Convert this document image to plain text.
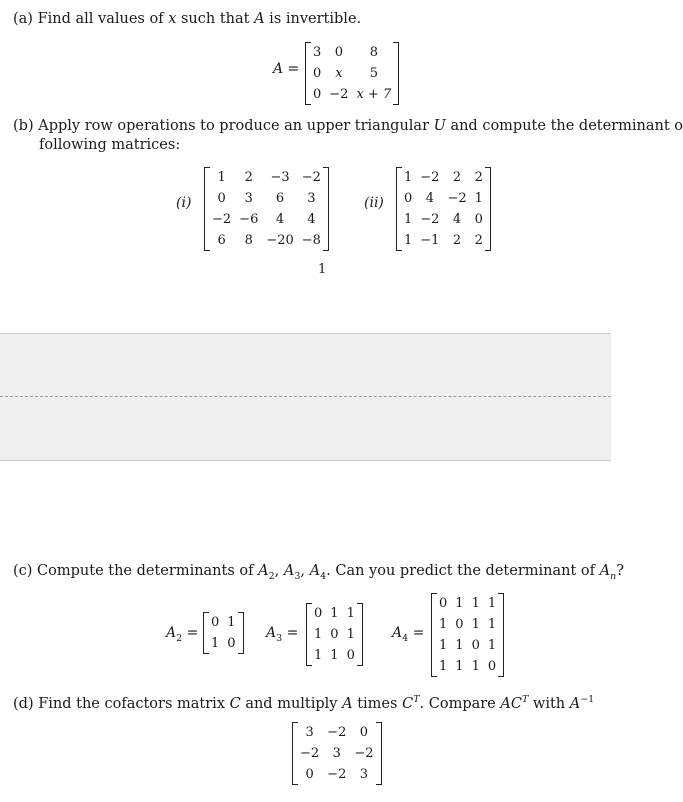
(a) Find all values of x such that A is invertible.
A =
3	0	8
0	x	5
0	−2	x + 7
(b) Apply row operations to produce an upper triangular U and compute the determinant o
following matrices:
(i)
1	2	−3	−2
0	3	6	3
−2	−6	4	4
6	8	−20	−8
(ii)
1	−2	2	2
0	4	−2	1
1	−2	4	0
1	−1	2	2
1
(c) Compute the determinants of $A_2$, $A_3$, $A_4$. Can you predict the determinant of $A_n$?
$A_2$ =
0	1
1	0
$A_3$ =
0	1	1
1	0	1
1	1	0
$A_4$ =
0	1	1	1
1	0	1	1
1	1	0	1
1	1	1	0
(d) Find the cofactors matrix C and multiply A times $C^T$. Compare $AC^T$ with $A^{-1}$
3	−2	0
−2	3	−2
0	−2	3
